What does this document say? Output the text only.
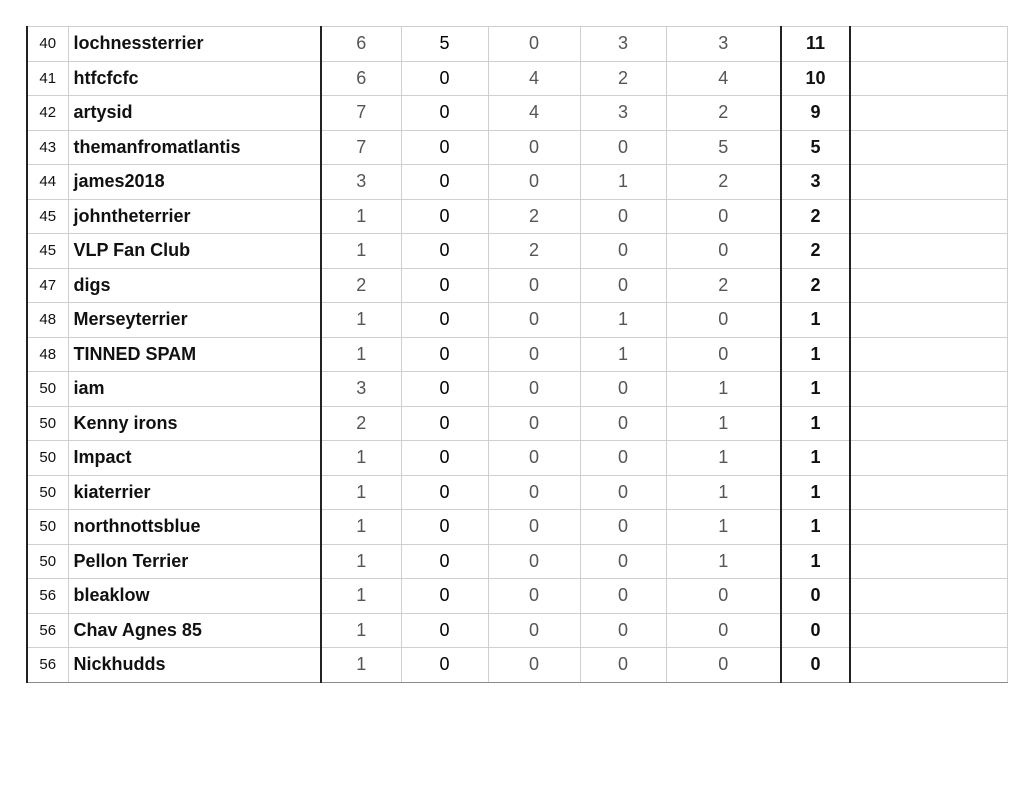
40	lochnessterrier	6	5	0	3	3	11	
41	htfcfcfc	6	0	4	2	4	10	
42	artysid	7	0	4	3	2	9	
43	themanfromatlantis	7	0	0	0	5	5	
44	james2018	3	0	0	1	2	3	
45	johntheterrier	1	0	2	0	0	2	
45	VLP Fan Club	1	0	2	0	0	2	
47	digs	2	0	0	0	2	2	
48	Merseyterrier	1	0	0	1	0	1	
48	TINNED SPAM	1	0	0	1	0	1	
50	iam	3	0	0	0	1	1	
50	Kenny irons	2	0	0	0	1	1	
50	Impact	1	0	0	0	1	1	
50	kiaterrier	1	0	0	0	1	1	
50	northnottsblue	1	0	0	0	1	1	
50	Pellon Terrier	1	0	0	0	1	1	
56	bleaklow	1	0	0	0	0	0	
56	Chav Agnes 85	1	0	0	0	0	0	
56	Nickhudds	1	0	0	0	0	0	
